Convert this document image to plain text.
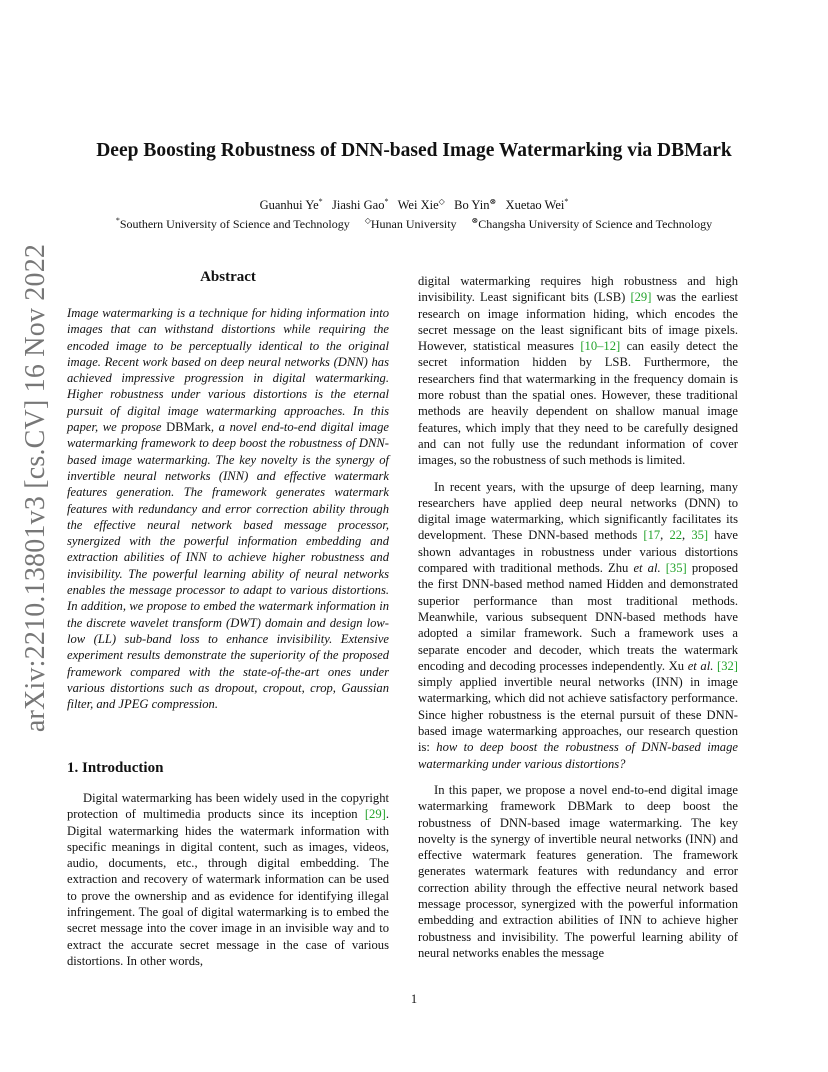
arXiv:2210.13801v3 [cs.CV] 16 Nov 2022
Deep Boosting Robustness of DNN-based Image Watermarking via DBMark
Guanhui Ye* Jiashi Gao* Wei Xie◇ Bo Yin⊗ Xuetao Wei*
*Southern University of Science and Technology ◇Hunan University ⊗Changsha University of Science and Technology
Abstract
Image watermarking is a technique for hiding information into images that can withstand distortions while requiring the encoded image to be perceptually identical to the original image. Recent work based on deep neural networks (DNN) has achieved impressive progression in digital watermarking. Higher robustness under various distortions is the eternal pursuit of digital image watermarking approaches. In this paper, we propose DBMark, a novel end-to-end digital image watermarking framework to deep boost the robustness of DNN-based image watermarking. The key novelty is the synergy of invertible neural networks (INN) and effective watermark features generation. The framework generates watermark features with redundancy and error correction ability through the effective neural network based message processor, synergized with the powerful information embedding and extraction abilities of INN to achieve higher robustness and invisibility. The powerful learning ability of neural networks enables the message processor to adapt to various distortions. In addition, we propose to embed the watermark information in the discrete wavelet transform (DWT) domain and design low-low (LL) sub-band loss to enhance invisibility. Extensive experiment results demonstrate the superiority of the proposed framework compared with the state-of-the-art ones under various distortions such as dropout, cropout, crop, Gaussian filter, and JPEG compression.
1. Introduction

Digital watermarking has been widely used in the copyright protection of multimedia products since its inception [29]. Digital watermarking hides the watermark information with specific meanings in digital content, such as images, videos, audio, documents, etc., through digital embedding. The extraction and recovery of watermark information can be used to prove the ownership and as evidence for identifying illegal infringement. The goal of digital watermarking is to embed the secret message into the cover image in an invisible way and to extract the accurate secret message in the case of various distortions. In other words,

digital watermarking requires high robustness and high invisibility. Least significant bits (LSB) [29] was the earliest research on image information hiding, which encodes the secret message on the least significant bits of image pixels. However, statistical measures [10–12] can easily detect the secret information hidden by LSB. Furthermore, the researchers find that watermarking in the frequency domain is more robust than the spatial ones. However, these traditional methods are heavily dependent on shallow manual image features, which imply that they need to be carefully designed and can not fully use the redundant information of cover images, so the robustness of such methods is limited.

In recent years, with the upsurge of deep learning, many researchers have applied deep neural networks (DNN) to digital image watermarking, which significantly facilitates its development. These DNN-based methods [17, 22, 35] have shown advantages in robustness under various distortions compared with traditional methods. Zhu et al. [35] proposed the first DNN-based method named Hidden and demonstrated superior performance than most traditional methods. Meanwhile, various subsequent DNN-based methods have adopted a similar framework. Such a framework uses a separate encoder and decoder, which treats the watermark encoding and decoding processes independently. Xu et al. [32] simply applied invertible neural networks (INN) in image watermarking, which did not achieve satisfactory performance. Since higher robustness is the eternal pursuit of these DNN-based image watermarking approaches, our research question is: how to deep boost the robustness of DNN-based image watermarking under various distortions?

In this paper, we propose a novel end-to-end digital image watermarking framework DBMark to deep boost the robustness of DNN-based image watermarking. The key novelty is the synergy of invertible neural networks (INN) and effective watermark features generation. The framework generates watermark features with redundancy and error correction ability through the effective neural network based message processor, synergized with the powerful information embedding and extraction abilities of INN to achieve higher robustness and invisibility. The powerful learning ability of neural networks enables the message

1
